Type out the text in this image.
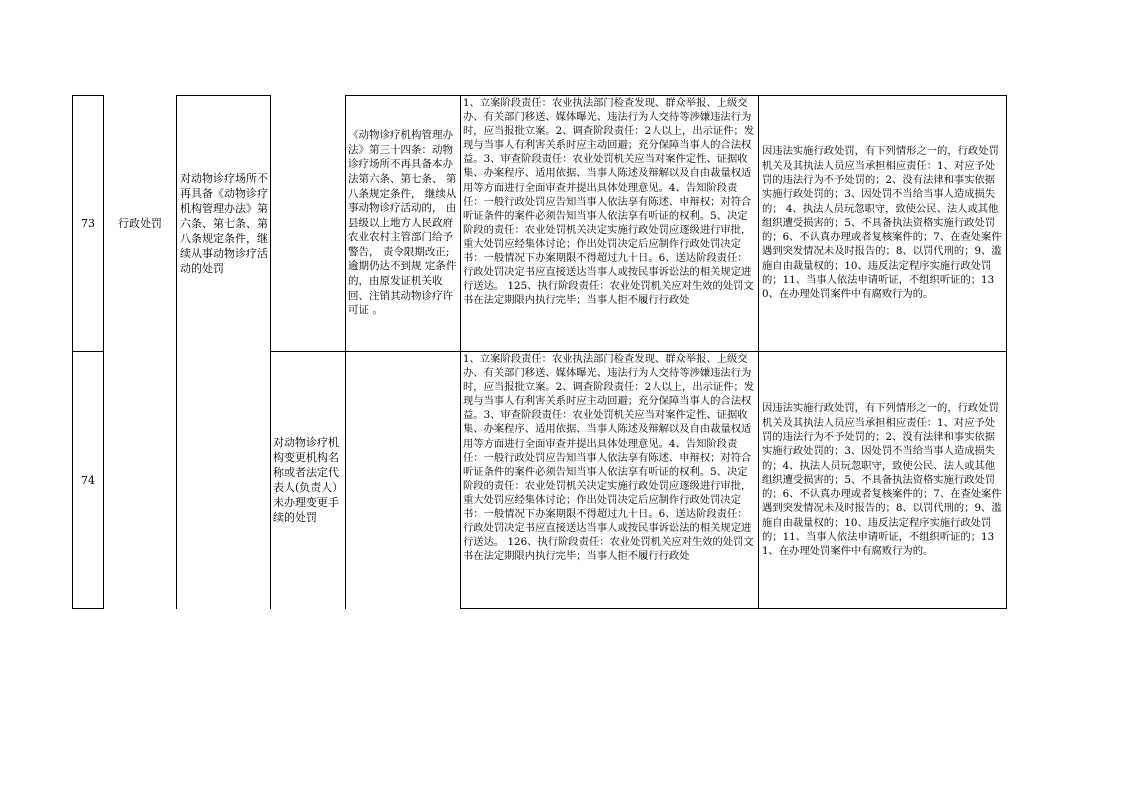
73 行政处罚
对动物诊疗场所不再具备《动物诊疗机构管理办法》第六条、第七条、第八条规定条件，继续从事动物诊疗活动的处罚
《动物诊疗机构管理办法》第三十四条：动物诊疗场所不再具备本办法第六条、第七条、 第八条规定条件， 继续从事动物诊疗活动的， 由县级以上地方人民政府农业农村主管部门给予警告， 责令限期改正;逾期仍达不到规 定条件的，由原发证机关收回、注销其动物诊疗许可证 。
1、立案阶段责任：农业执法部门检查发现、群众举报、上级交办、有关部门移送、媒体曝光、违法行为人交待等涉嫌违法行为时，应当报批立案。2、调查阶段责任：2人以上，出示证件；发现与当事人有利害关系时应主动回避；充分保障当事人的合法权益。3、审查阶段责任：农业处罚机关应当对案件定性、证据收集、办案程序、适用依据、当事人陈述及辩解以及自由裁量权适用等方面进行全面审查并提出具体处理意见。4、告知阶段责任：一般行政处罚应告知当事人依法享有陈述、申辩权；对符合听证条件的案件必须告知当事人依法享有听证的权利。5、决定阶段的责任：农业处罚机关决定实施行政处罚应逐级进行审批，重大处罚应经集体讨论；作出处罚决定后应制作行政处罚决定书：一般情况下办案期限不得超过九十日。6、送达阶段责任：行政处罚决定书应直接送达当事人或按民事诉讼法的相关规定进行送达。 125、执行阶段责任：农业处罚机关应对生效的处罚文书在法定期限内执行完毕；当事人拒不履行行政处
因违法实施行政处罚，有下列情形之一的，行政处罚机关及其执法人员应当承担相应责任：1、对应予处罚的违法行为不予处罚的；2、没有法律和事实依据实施行政处罚的；3、因处罚不当给当事人造成损失的； 4、执法人员玩忽职守，致使公民、法人或其他组织遭受损害的；5、不具备执法资格实施行政处罚的；6、不认真办理或者复核案件的；7、在查处案件遇到突发情况未及时报告的；8、以罚代刑的；9、滥施自由裁量权的；10、违反法定程序实施行政处罚的；11、当事人依法申请听证，不组织听证的；130、在办理处罚案件中有腐败行为的。
74
对动物诊疗机构变更机构名称或者法定代表人(负责人）未办理变更手续的处罚
1、立案阶段责任：农业执法部门检查发现、群众举报、上级交办、有关部门移送、媒体曝光、违法行为人交待等涉嫌违法行为时，应当报批立案。2、调查阶段责任：2人以上，出示证件；发现与当事人有利害关系时应主动回避；充分保障当事人的合法权益。3、审查阶段责任：农业处罚机关应当对案件定性、证据收集、办案程序、适用依据、当事人陈述及辩解以及自由裁量权适用等方面进行全面审查并提出具体处理意见。4、告知阶段责任：一般行政处罚应告知当事人依法享有陈述、申辩权；对符合听证条件的案件必须告知当事人依法享有听证的权利。5、决定阶段的责任：农业处罚机关决定实施行政处罚应逐级进行审批，重大处罚应经集体讨论；作出处罚决定后应制作行政处罚决定书：一般情况下办案期限不得超过九十日。6、送达阶段责任：行政处罚决定书应直接送达当事人或按民事诉讼法的相关规定进行送达。 126、执行阶段责任：农业处罚机关应对生效的处罚文书在法定期限内执行完毕；当事人拒不履行行政处
因违法实施行政处罚，有下列情形之一的，行政处罚机关及其执法人员应当承担相应责任：1、对应予处罚的违法行为不予处罚的；2、没有法律和事实依据实施行政处罚的；3、因处罚不当给当事人造成损失的；4、执法人员玩忽职守，致使公民、法人或其他组织遭受损害的；5、不具备执法资格实施行政处罚的；6、不认真办理或者复核案件的；7、在查处案件遇到突发情况未及时报告的；8、以罚代刑的；9、滥施自由裁量权的；10、违反法定程序实施行政处罚的；11、当事人依法申请听证，不组织听证的；131、在办理处罚案件中有腐败行为的。
